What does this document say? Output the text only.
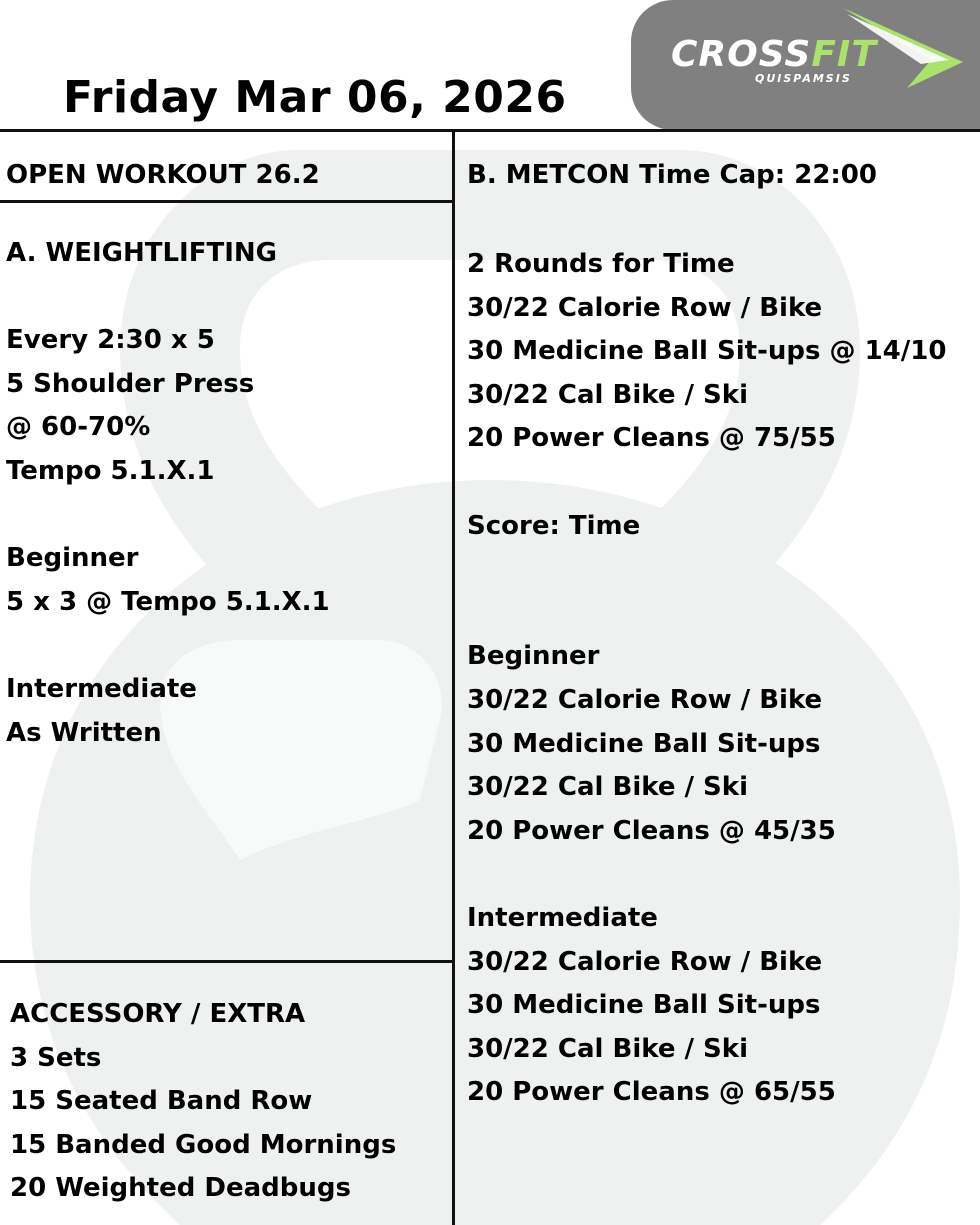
Friday Mar 06, 2026
CROSSFIT
QUISPAMSIS
OPEN WORKOUT 26.2
A. WEIGHTLIFTING
Every 2:30 x 5
5 Shoulder Press
@ 60-70%
Tempo 5.1.X.1
Beginner
5 x 3 @ Tempo 5.1.X.1
Intermediate
As Written
ACCESSORY / EXTRA
3 Sets
15 Seated Band Row
15 Banded Good Mornings
20 Weighted Deadbugs
B. METCON Time Cap: 22:00
2 Rounds for Time
30/22 Calorie Row / Bike
30 Medicine Ball Sit-ups @ 14/10
30/22 Cal Bike / Ski
20 Power Cleans @ 75/55
Score: Time
Beginner
30/22 Calorie Row / Bike
30 Medicine Ball Sit-ups
30/22 Cal Bike / Ski
20 Power Cleans @ 45/35
Intermediate
30/22 Calorie Row / Bike
30 Medicine Ball Sit-ups
30/22 Cal Bike / Ski
20 Power Cleans @ 65/55
